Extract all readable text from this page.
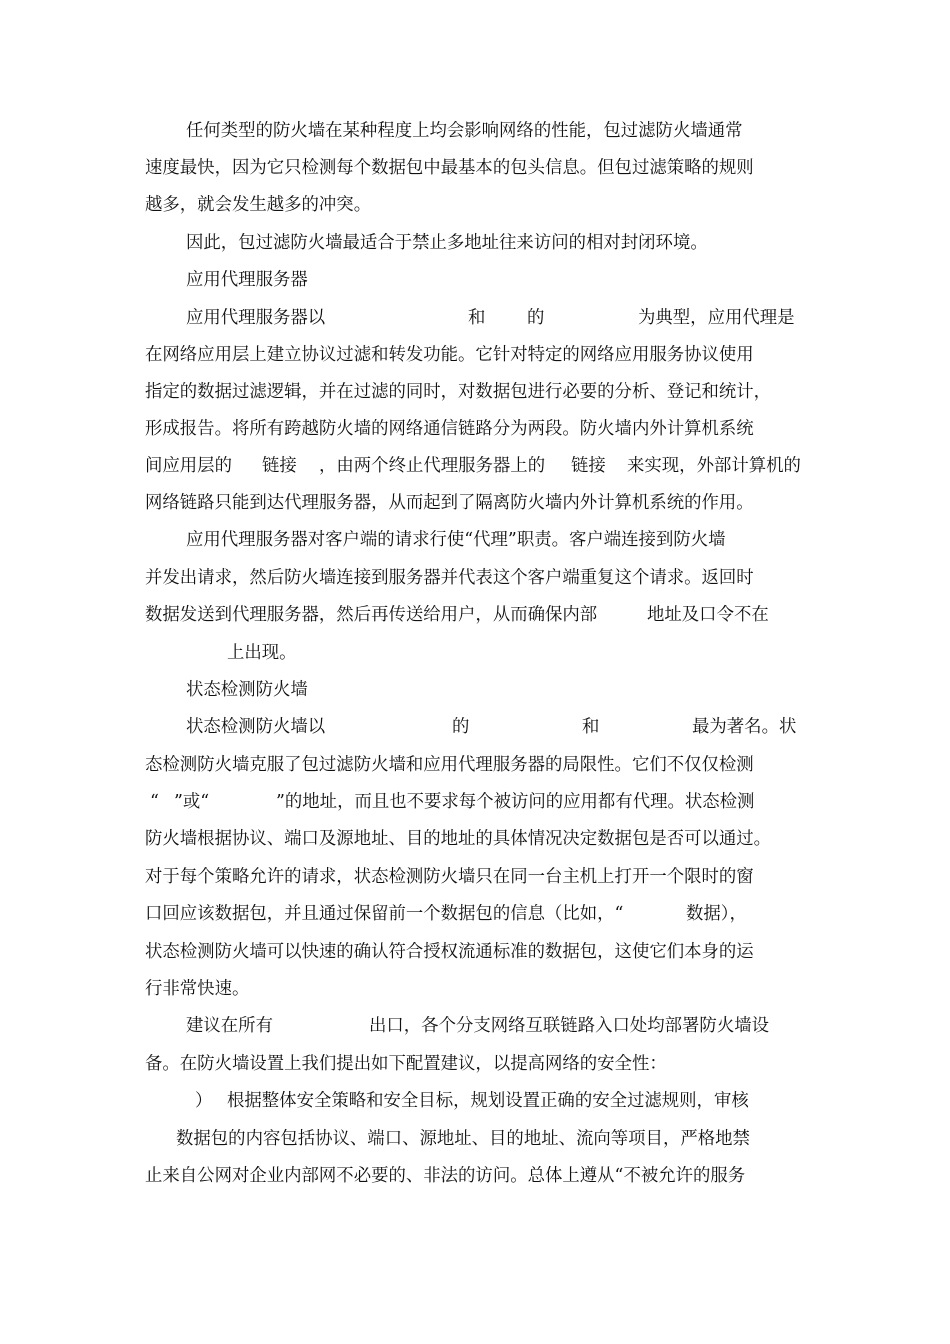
任何类型的防火墙在某种程度上均会影响网络的性能，包过滤防火墙通常
速度最快，因为它只检测每个数据包中最基本的包头信息。但包过滤策略的规则
越多，就会发生越多的冲突。
因此，包过滤防火墙最适合于禁止多地址往来访问的相对封闭环境。
应用代理服务器
应用代理服务器以	和 的	为典型，应用代理是
在网络应用层上建立协议过滤和转发功能。它针对特定的网络应用服务协议使用
指定的数据过滤逻辑，并在过滤的同时，对数据包进行必要的分析、登记和统计，
形成报告。将所有跨越防火墙的网络通信链路分为两段。防火墙内外计算机系统
间应用层的 链接 ，由两个终止代理服务器上的 链接 来实现，外部计算机的
网络链路只能到达代理服务器，从而起到了隔离防火墙内外计算机系统的作用。
应用代理服务器对客户端的请求行使“代理”职责。客户端连接到防火墙
并发出请求，然后防火墙连接到服务器并代表这个客户端重复这个请求。返回时
数据发送到代理服务器，然后再传送给用户，从而确保内部	地址及口令不在
上出现。
状态检测防火墙
状态检测防火墙以	的	和	最为著名。状
态检测防火墙克服了包过滤防火墙和应用代理服务器的局限性。它们不仅仅检测
“ ”或“	”的地址，而且也不要求每个被访问的应用都有代理。状态检测
防火墙根据协议、端口及源地址、目的地址的具体情况决定数据包是否可以通过。
对于每个策略允许的请求，状态检测防火墙只在同一台主机上打开一个限时的窗
口回应该数据包，并且通过保留前一个数据包的信息（比如，“	数据），
状态检测防火墙可以快速的确认符合授权流通标准的数据包，这使它们本身的运
行非常快速。
建议在所有	出口，各个分支网络互联链路入口处均部署防火墙设
备。在防火墙设置上我们提出如下配置建议，以提高网络的安全性：
） 根据整体安全策略和安全目标，规划设置正确的安全过滤规则，审核
数据包的内容包括协议、端口、源地址、目的地址、流向等项目，严格地禁
止来自公网对企业内部网不必要的、非法的访问。总体上遵从“不被允许的服务
